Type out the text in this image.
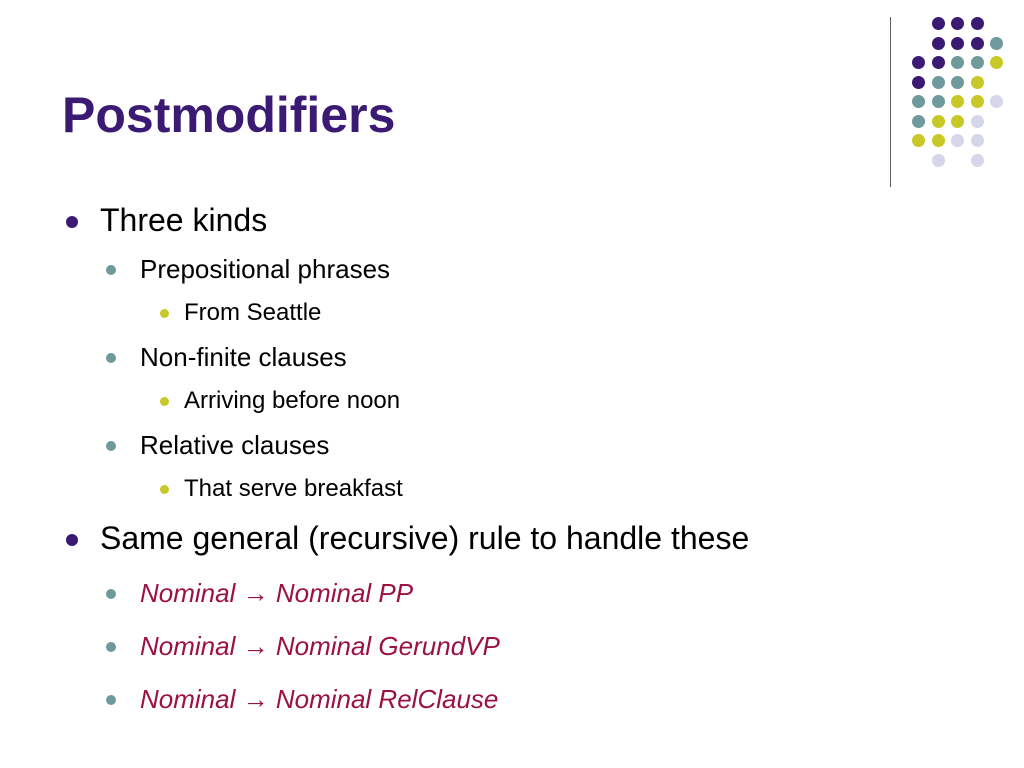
Postmodifiers
Three kinds
Prepositional phrases
From Seattle
Non-finite clauses
Arriving before noon
Relative clauses
That serve breakfast
Same general (recursive) rule to handle these
Nominal → Nominal PP
Nominal → Nominal GerundVP
Nominal → Nominal RelClause
